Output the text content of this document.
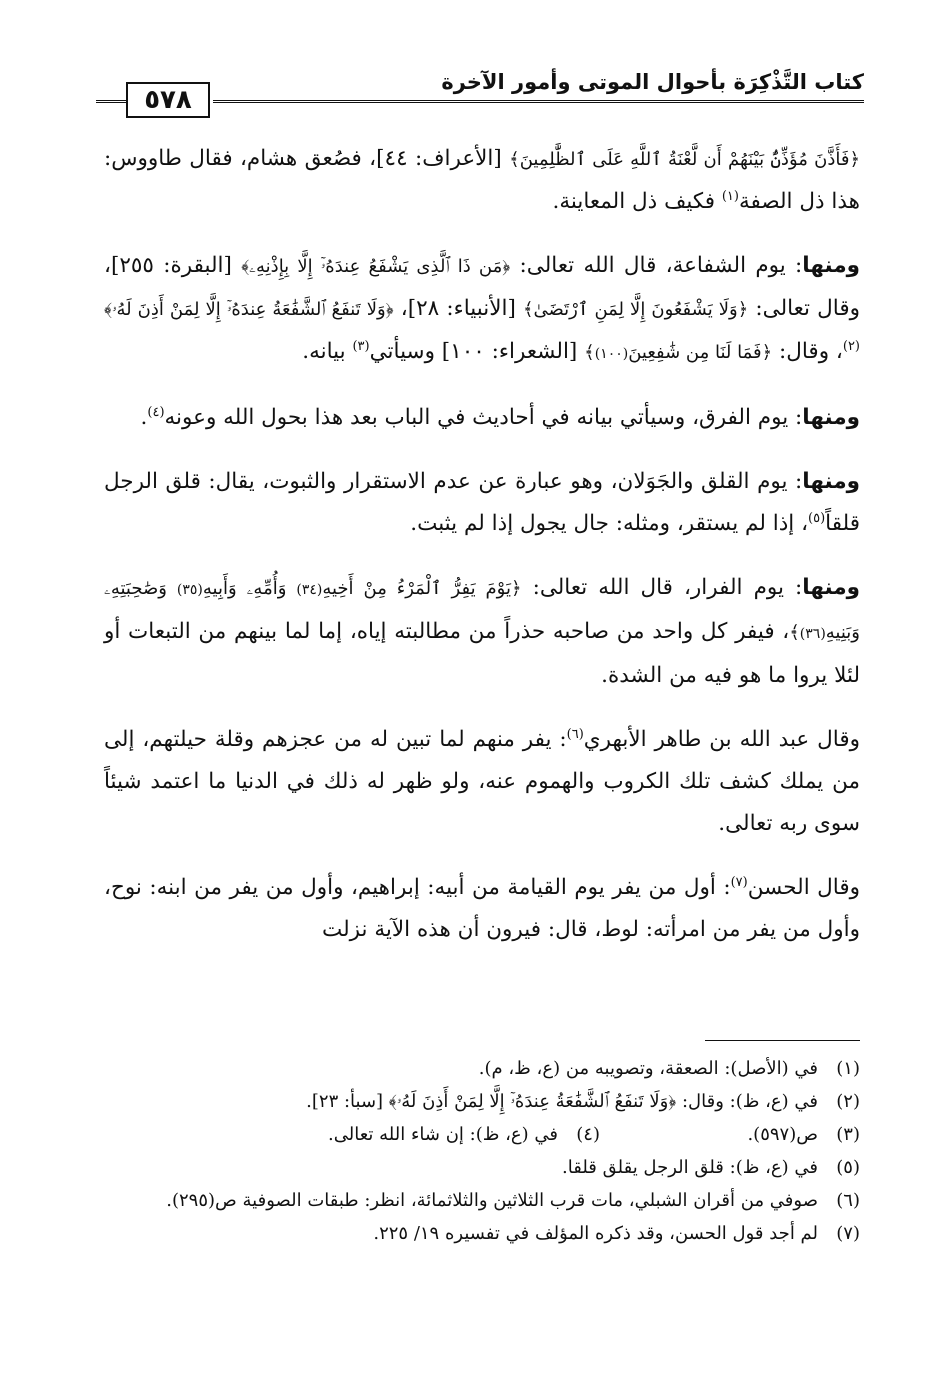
كتاب التَّذْكِرَة بأحوال الموتى وأمور الآخرة
٥٧٨

﴿فَأَذَّنَ مُؤَذِّنٌۢ بَيْنَهُمْ أَن لَّعْنَةُ ٱللَّهِ عَلَى ٱلظَّٰلِمِينَ﴾ [الأعراف: ٤٤]، فصُعق هشام، فقال طاووس: هذا ذل الصفة$^{(١)}$ فكيف ذل المعاينة.

ومنها: يوم الشفاعة، قال الله تعالى: ﴿مَن ذَا ٱلَّذِى يَشْفَعُ عِندَهُۥٓ إِلَّا بِإِذْنِهِۦ﴾ [البقرة: ٢٥٥]، وقال تعالى: ﴿وَلَا يَشْفَعُونَ إِلَّا لِمَنِ ٱرْتَضَىٰ﴾ [الأنبياء: ٢٨]، ﴿وَلَا تَنفَعُ ٱلشَّفَٰعَةُ عِندَهُۥٓ إِلَّا لِمَنْ أَذِنَ لَهُۥ﴾$^{(٢)}$، وقال: ﴿فَمَا لَنَا مِن شَٰفِعِينَ(١٠٠)﴾ [الشعراء: ١٠٠] وسيأتي$^{(٣)}$ بيانه.

ومنها: يوم الفرق، وسيأتي بيانه في أحاديث في الباب بعد هذا بحول الله وعونه$^{(٤)}$.

ومنها: يوم القلق والجَوَلان، وهو عبارة عن عدم الاستقرار والثبوت، يقال: قلق الرجل قلقاً$^{(٥)}$، إذا لم يستقر، ومثله: جال يجول إذا لم يثبت.

ومنها: يوم الفرار، قال الله تعالى: ﴿يَوْمَ يَفِرُّ ٱلْمَرْءُ مِنْ أَخِيهِ(٣٤) وَأُمِّهِۦ وَأَبِيهِ(٣٥) وَصَٰحِبَتِهِۦ وَبَنِيهِ(٣٦)﴾، فيفر كل واحد من صاحبه حذراً من مطالبته إياه، إما لما بينهم من التبعات أو لئلا يروا ما هو فيه من الشدة.

وقال عبد الله بن طاهر الأبهري$^{(٦)}$: يفر منهم لما تبين له من عجزهم وقلة حيلتهم، إلى من يملك كشف تلك الكروب والهموم عنه، ولو ظهر له ذلك في الدنيا ما اعتمد شيئاً سوى ربه تعالى.

وقال الحسن$^{(٧)}$: أول من يفر يوم القيامة من أبيه: إبراهيم، وأول من يفر من ابنه: نوح، وأول من يفر من امرأته: لوط، قال: فيرون أن هذه الآية نزلت

(١)
في (الأصل): الصعقة، وتصويبه من (ع، ظ، م).
(٢)
في (ع، ظ): وقال: ﴿وَلَا تَنفَعُ ٱلشَّفَٰعَةُ عِندَهُۥٓ إِلَّا لِمَنْ أَذِنَ لَهُۥ﴾ [سبأ: ٢٣].
(٣)
ص(٥٩٧).
(٤)
في (ع، ظ): إن شاء الله تعالى.
(٥)
في (ع، ظ): قلق الرجل يقلق قلقا.
(٦)
صوفي من أقران الشبلي، مات قرب الثلاثين والثلاثمائة، انظر: طبقات الصوفية ص(٢٩٥).
(٧)
لم أجد قول الحسن، وقد ذكره المؤلف في تفسيره ١٩/ ٢٢٥.
